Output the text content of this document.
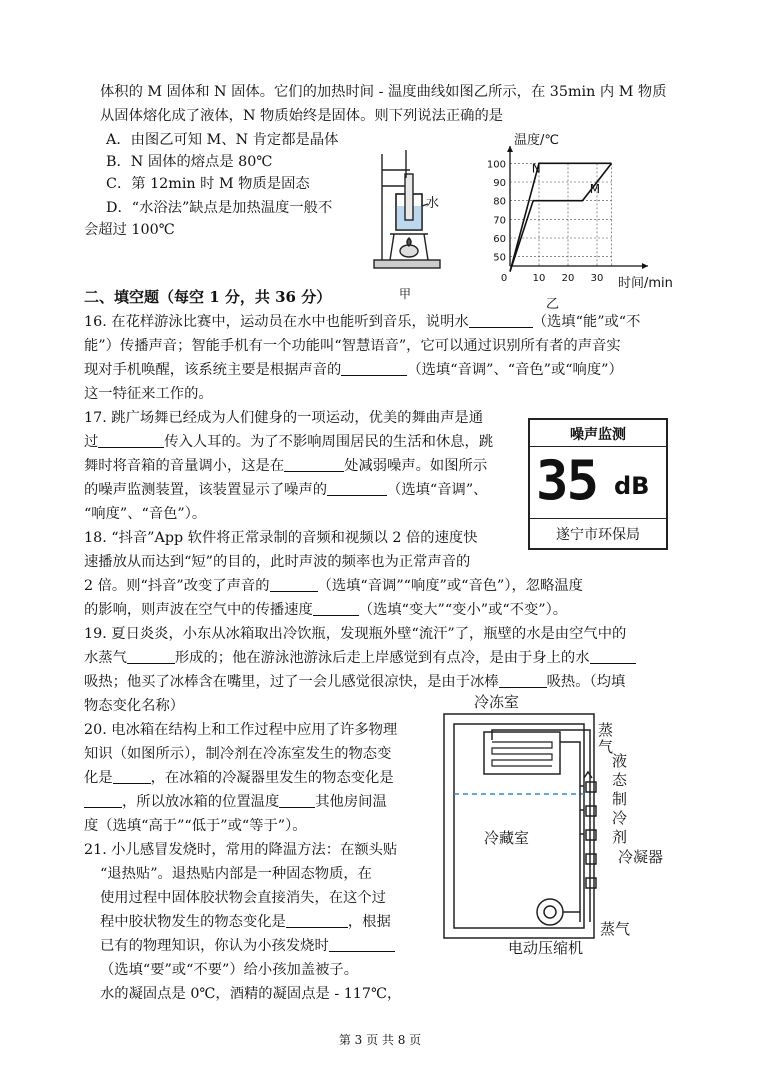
体积的 M 固体和 N 固体。它们的加热时间 - 温度曲线如图乙所示，在 35min 内 M 物质
从固体熔化成了液体，N 物质始终是固体。则下列说法正确的是
A．由图乙可知 M、N 肯定都是晶体
B．N 固体的熔点是 80℃
C．第 12min 时 M 物质是固态
D．“水浴法”缺点是加热温度一般不
会超过 100℃
水
甲
温度/℃
时间/min
乙
50
60
70
80
90
100
0	10 20 30
N
M
二、填空题（每空 1 分，共 36 分）
16. 在花样游泳比赛中，运动员在水中也能听到音乐，说明水	（选填“能”或“不
能”）传播声音；智能手机有一个功能叫“智慧语音”，它可以通过识别所有者的声音实
现对手机唤醒，该系统主要是根据声音的	（选填“音调”、“音色”或“响度”）
这一特征来工作的。
17. 跳广场舞已经成为人们健身的一项运动，优美的舞曲声是通
过	传入人耳的。为了不影响周围居民的生活和休息，跳
舞时将音箱的音量调小，这是在	处减弱噪声。如图所示
的噪声监测装置，该装置显示了噪声的	（选填“音调”、
“响度”、“音色”）。
噪声监测
35 dB
遂宁市环保局
18. “抖音”App 软件将正常录制的音频和视频以 2 倍的速度快
速播放从而达到“短”的目的，此时声波的频率也为正常声音的
2 倍。则“抖音”改变了声音的	（选填“音调”“响度”或“音色”），忽略温度
的影响，则声波在空气中的传播速度	（选填“变大”“变小”或“不变”）。
19. 夏日炎炎，小东从冰箱取出冷饮瓶，发现瓶外壁“流汗”了，瓶壁的水是由空气中的
水蒸气	形成的；他在游泳池游泳后走上岸感觉到有点冷，是由于身上的水
吸热；他买了冰棒含在嘴里，过了一会儿感觉很凉快，是由于冰棒	吸热。（均填
物态变化名称）
20. 电冰箱在结构上和工作过程中应用了许多物理
知识（如图所示），制冷剂在冷冻室发生的物态变
化是	，在冰箱的冷凝器里发生的物态变化是
，所以放冰箱的位置温度	其他房间温
度（选填“高于”“低于”或“等于”）。
21. 小儿感冒发烧时，常用的降温方法：在额头贴
“退热贴”。退热贴内部是一种固态物质，在
使用过程中固体胶状物会直接消失，在这个过
程中胶状物发生的物态变化是	，根据
已有的物理知识，你认为小孩发烧时
（选填“要”或“不要”）给小孩加盖被子。
水的凝固点是 0℃，酒精的凝固点是 - 117℃，
冷冻室
蒸气
液态制冷剂
冷藏室
冷凝器
蒸气
电动压缩机
第 3 页 共 8 页
